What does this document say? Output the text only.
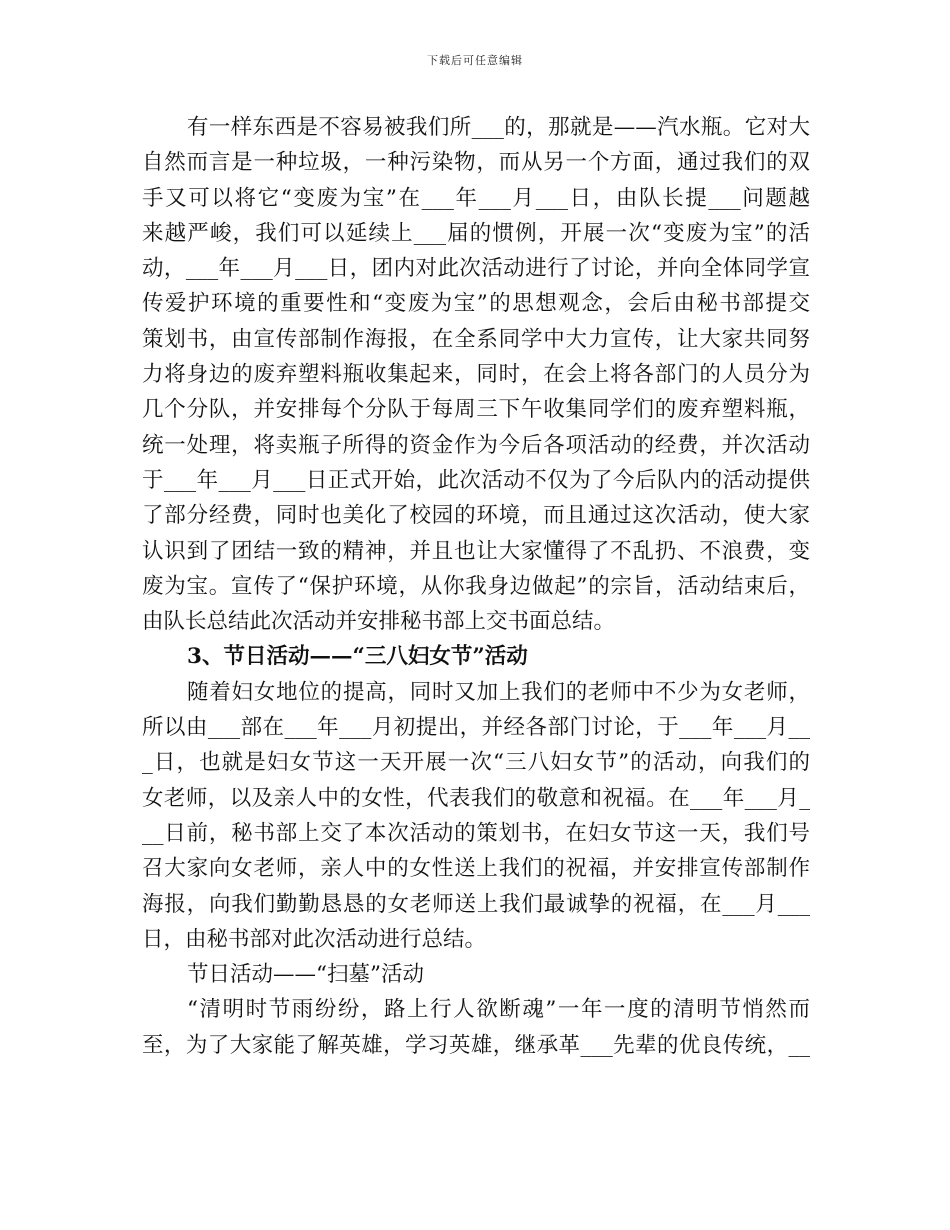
下载后可任意编辑
有一样东西是不容易被我们所___的，那就是——汽水瓶。它对大
自然而言是一种垃圾，一种污染物，而从另一个方面，通过我们的双
手又可以将它“变废为宝”在___年___月___日，由队长提___问题越
来越严峻，我们可以延续上___届的惯例，开展一次“变废为宝”的活
动，___年___月___日，团内对此次活动进行了讨论，并向全体同学宣
传爱护环境的重要性和“变废为宝”的思想观念，会后由秘书部提交
策划书，由宣传部制作海报，在全系同学中大力宣传，让大家共同努
力将身边的废弃塑料瓶收集起来，同时，在会上将各部门的人员分为
几个分队，并安排每个分队于每周三下午收集同学们的废弃塑料瓶，
统一处理，将卖瓶子所得的资金作为今后各项活动的经费，并次活动
于___年___月___日正式开始，此次活动不仅为了今后队内的活动提供
了部分经费，同时也美化了校园的环境，而且通过这次活动，使大家
认识到了团结一致的精神，并且也让大家懂得了不乱扔、不浪费，变
废为宝。宣传了“保护环境，从你我身边做起”的宗旨，活动结束后，
由队长总结此次活动并安排秘书部上交书面总结。
3、节日活动——“三八妇女节”活动
随着妇女地位的提高，同时又加上我们的老师中不少为女老师，
所以由___部在___年___月初提出，并经各部门讨论，于___年___月__
_日，也就是妇女节这一天开展一次“三八妇女节”的活动，向我们的
女老师，以及亲人中的女性，代表我们的敬意和祝福。在___年___月_
__日前，秘书部上交了本次活动的策划书，在妇女节这一天，我们号
召大家向女老师，亲人中的女性送上我们的祝福，并安排宣传部制作
海报，向我们勤勤恳恳的女老师送上我们最诚挚的祝福，在___月___
日，由秘书部对此次活动进行总结。
节日活动——“扫墓”活动
“清明时节雨纷纷，路上行人欲断魂”一年一度的清明节悄然而
至，为了大家能了解英雄，学习英雄，继承革___先辈的优良传统，__
